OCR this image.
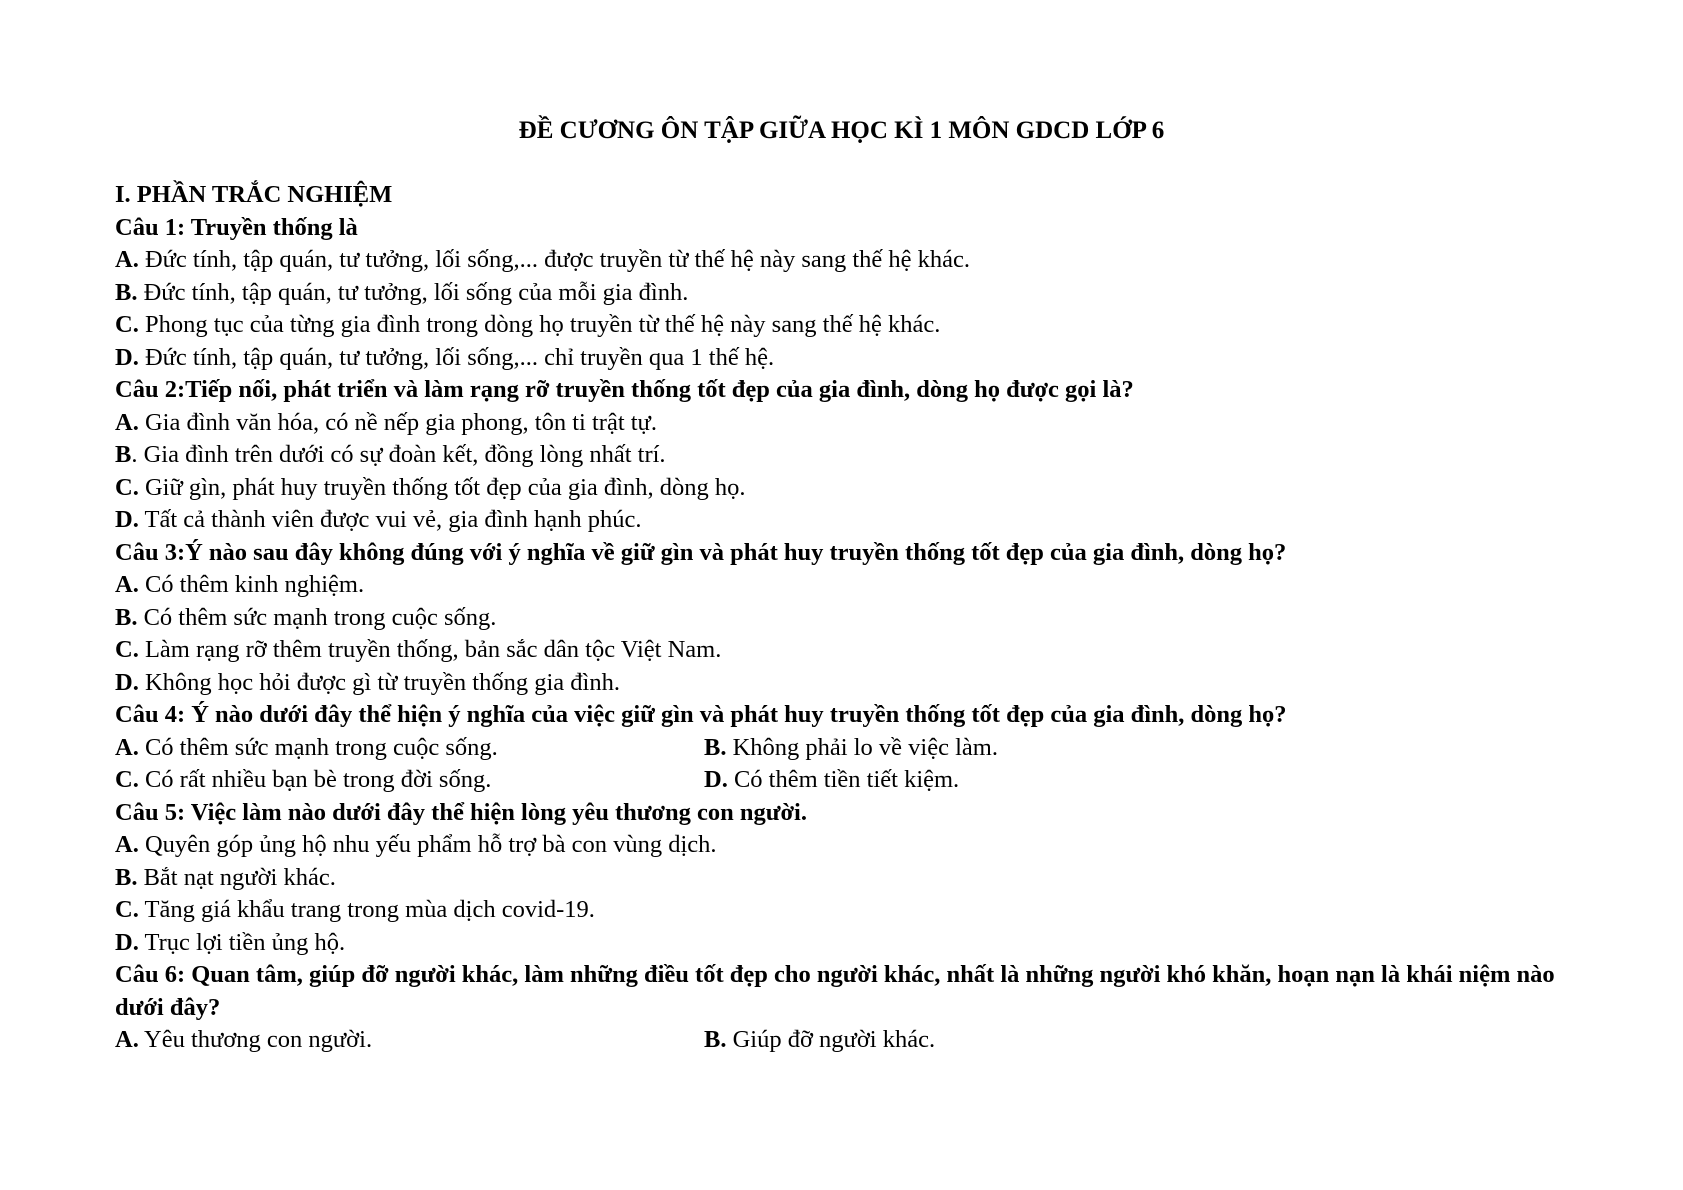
ĐỀ CƯƠNG ÔN TẬP GIỮA HỌC KÌ 1 MÔN GDCD LỚP 6
I. PHẦN TRẮC NGHIỆM
Câu 1: Truyền thống là
A. Đức tính, tập quán, tư tưởng, lối sống,... được truyền từ thế hệ này sang thế hệ khác.
B. Đức tính, tập quán, tư tưởng, lối sống của mỗi gia đình.
C. Phong tục của từng gia đình trong dòng họ truyền từ thế hệ này sang thế hệ khác.
D. Đức tính, tập quán, tư tưởng, lối sống,... chỉ truyền qua 1 thế hệ.
Câu 2:Tiếp nối, phát triển và làm rạng rỡ truyền thống tốt đẹp của gia đình, dòng họ được gọi là?
A. Gia đình văn hóa, có nề nếp gia phong, tôn ti trật tự.
B. Gia đình trên dưới có sự đoàn kết, đồng lòng nhất trí.
C. Giữ gìn, phát huy truyền thống tốt đẹp của gia đình, dòng họ.
D. Tất cả thành viên được vui vẻ, gia đình hạnh phúc.
Câu 3:Ý nào sau đây không đúng với ý nghĩa về giữ gìn và phát huy truyền thống tốt đẹp của gia đình, dòng họ?
A. Có thêm kinh nghiệm.
B. Có thêm sức mạnh trong cuộc sống.
C. Làm rạng rỡ thêm truyền thống, bản sắc dân tộc Việt Nam.
D. Không học hỏi được gì từ truyền thống gia đình.
Câu 4: Ý nào dưới đây thể hiện ý nghĩa của việc giữ gìn và phát huy truyền thống tốt đẹp của gia đình, dòng họ?
A. Có thêm sức mạnh trong cuộc sống.	B. Không phải lo về việc làm.
C. Có rất nhiều bạn bè trong đời sống.	D. Có thêm tiền tiết kiệm.
Câu 5: Việc làm nào dưới đây thể hiện lòng yêu thương con người.
A. Quyên góp ủng hộ nhu yếu phẩm hỗ trợ bà con vùng dịch.
B. Bắt nạt người khác.
C. Tăng giá khẩu trang trong mùa dịch covid-19.
D. Trục lợi tiền ủng hộ.
Câu 6: Quan tâm, giúp đỡ người khác, làm những điều tốt đẹp cho người khác, nhất là những người khó khăn, hoạn nạn là khái niệm nào dưới đây?
A. Yêu thương con người.	B. Giúp đỡ người khác.
